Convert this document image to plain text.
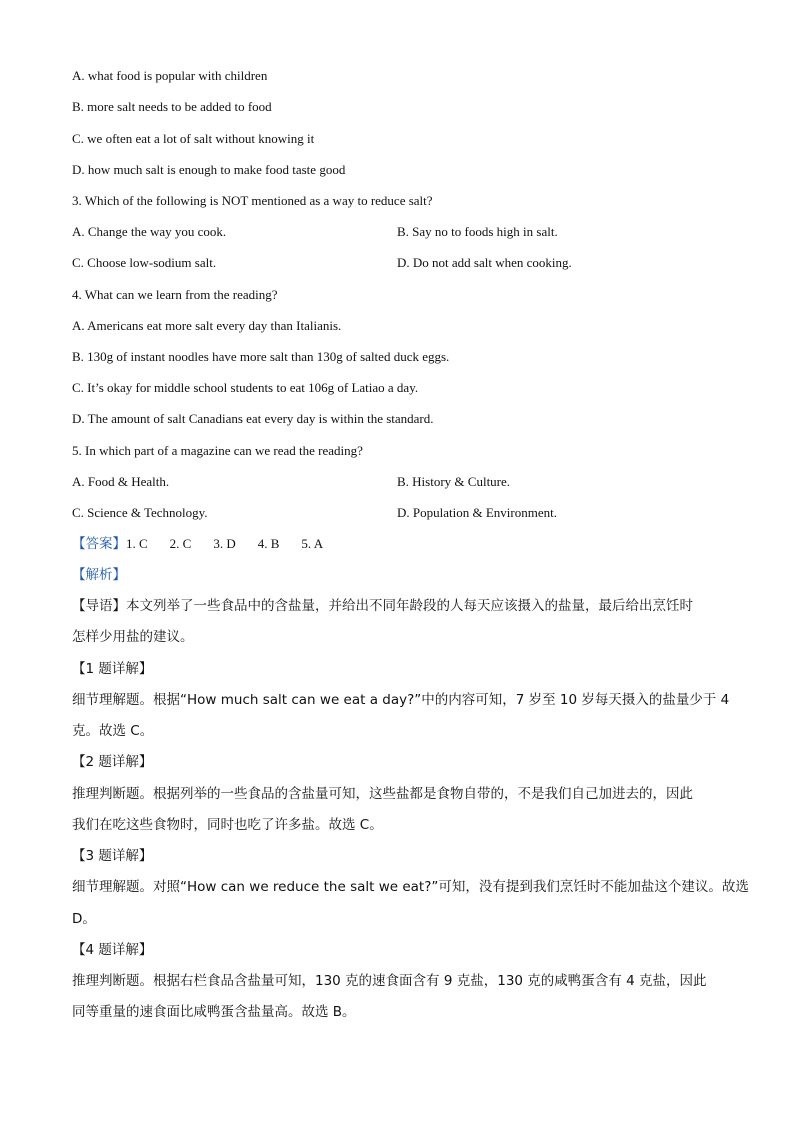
A. what food is popular with children
B. more salt needs to be added to food
C. we often eat a lot of salt without knowing it
D. how much salt is enough to make food taste good
3. Which of the following is NOT mentioned as a way to reduce salt?
A. Change the way you cook.	B. Say no to foods high in salt.
C. Choose low-sodium salt.	D. Do not add salt when cooking.
4. What can we learn from the reading?
A. Americans eat more salt every day than Italianis.
B. 130g of instant noodles have more salt than 130g of salted duck eggs.
C. It’s okay for middle school students to eat 106g of Latiao a day.
D. The amount of salt Canadians eat every day is within the standard.
5. In which part of a magazine can we read the reading?
A. Food & Health.	B. History & Culture.
C. Science & Technology.	D. Population & Environment.
【答案】1. C 2. C 3. D 4. B 5. A
【解析】
【导语】本文列举了一些食品中的含盐量，并给出不同年龄段的人每天应该摄入的盐量，最后给出烹饪时
怎样少用盐的建议。
【1 题详解】
细节理解题。根据“How much salt can we eat a day?”中的内容可知，7 岁至 10 岁每天摄入的盐量少于 4
克。故选 C。
【2 题详解】
推理判断题。根据列举的一些食品的含盐量可知，这些盐都是食物自带的，不是我们自己加进去的，因此
我们在吃这些食物时，同时也吃了许多盐。故选 C。
【3 题详解】
细节理解题。对照“How can we reduce the salt we eat?”可知，没有提到我们烹饪时不能加盐这个建议。故选
D。
【4 题详解】
推理判断题。根据右栏食品含盐量可知，130 克的速食面含有 9 克盐，130 克的咸鸭蛋含有 4 克盐，因此
同等重量的速食面比咸鸭蛋含盐量高。故选 B。
